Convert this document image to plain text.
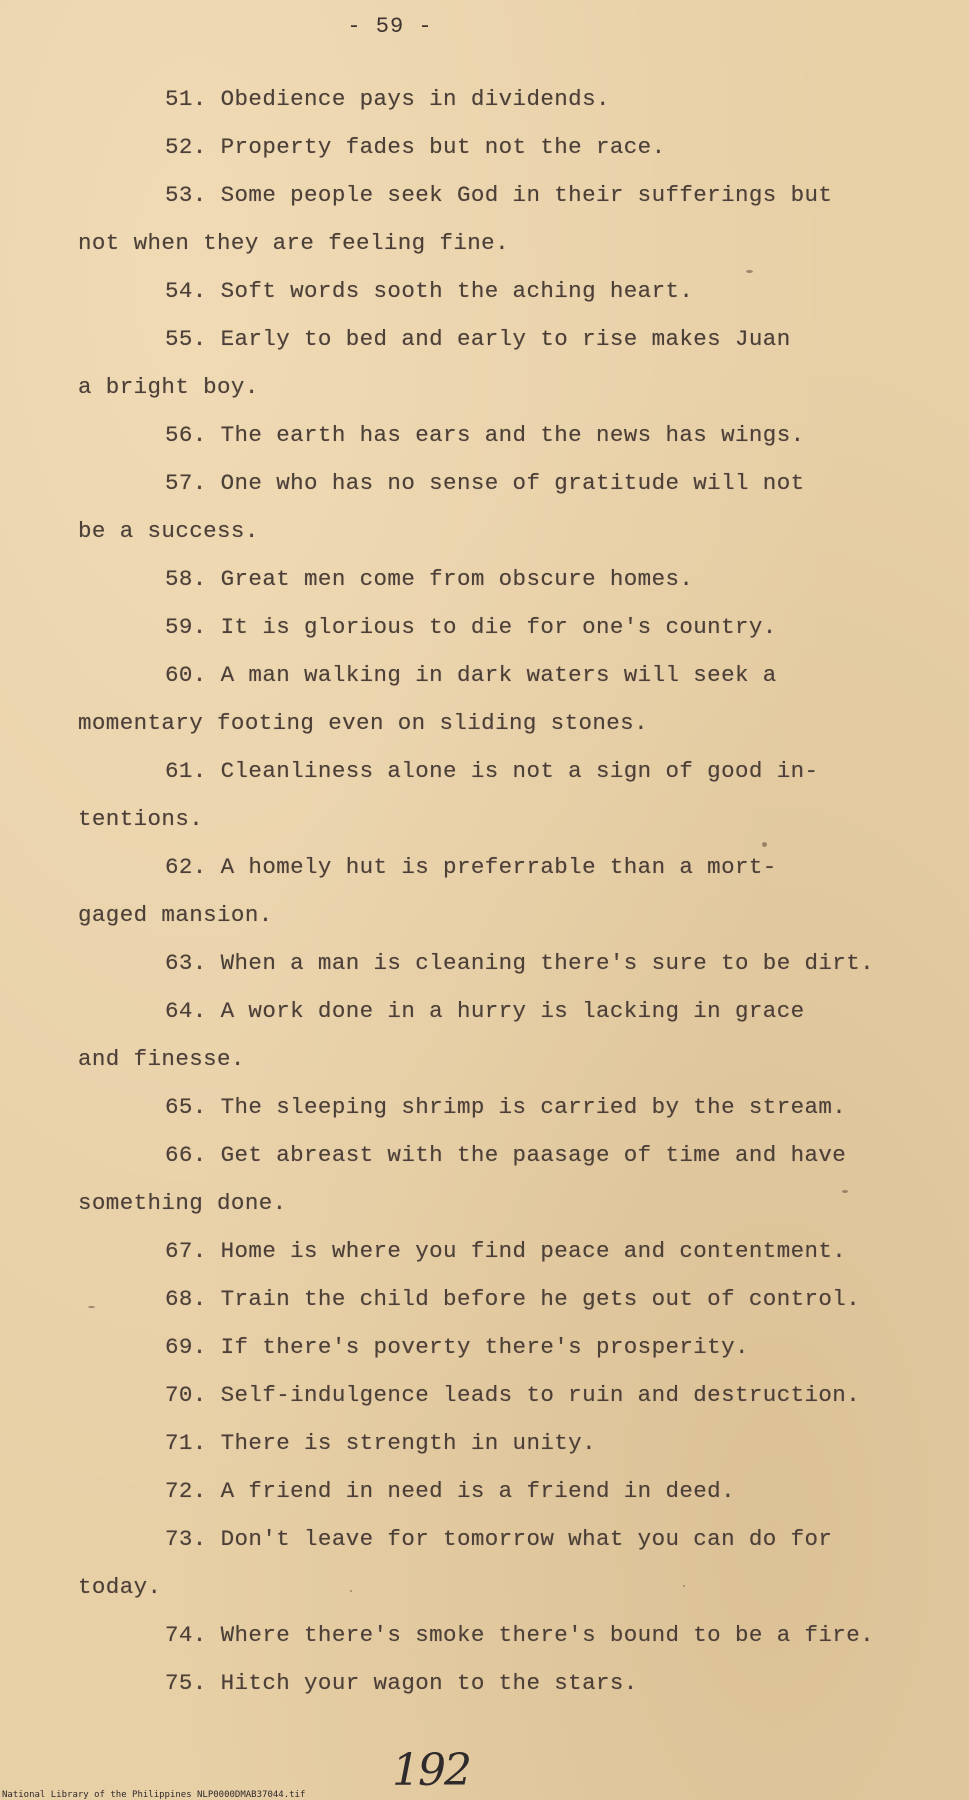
- 59 -
51. Obedience pays in dividends.
52. Property fades but not the race.
53. Some people seek God in their sufferings but
not when they are feeling fine.
54. Soft words sooth the aching heart.
55. Early to bed and early to rise makes Juan
a bright boy.
56. The earth has ears and the news has wings.
57. One who has no sense of gratitude will not
be a success.
58. Great men come from obscure homes.
59. It is glorious to die for one's country.
60. A man walking in dark waters will seek a
momentary footing even on sliding stones.
61. Cleanliness alone is not a sign of good in-
tentions.
62. A homely hut is preferrable than a mort-
gaged mansion.
63. When a man is cleaning there's sure to be dirt.
64. A work done in a hurry is lacking in grace
and finesse.
65. The sleeping shrimp is carried by the stream.
66. Get abreast with the paasage of time and have
something done.
67. Home is where you find peace and contentment.
68. Train the child before he gets out of control.
69. If there's poverty there's prosperity.
70. Self-indulgence leads to ruin and destruction.
71. There is strength in unity.
72. A friend in need is a friend in deed.
73. Don't leave for tomorrow what you can do for
today.
74. Where there's smoke there's bound to be a fire.
75. Hitch your wagon to the stars.
192
National Library of the Philippines NLP0000DMAB37044.tif
